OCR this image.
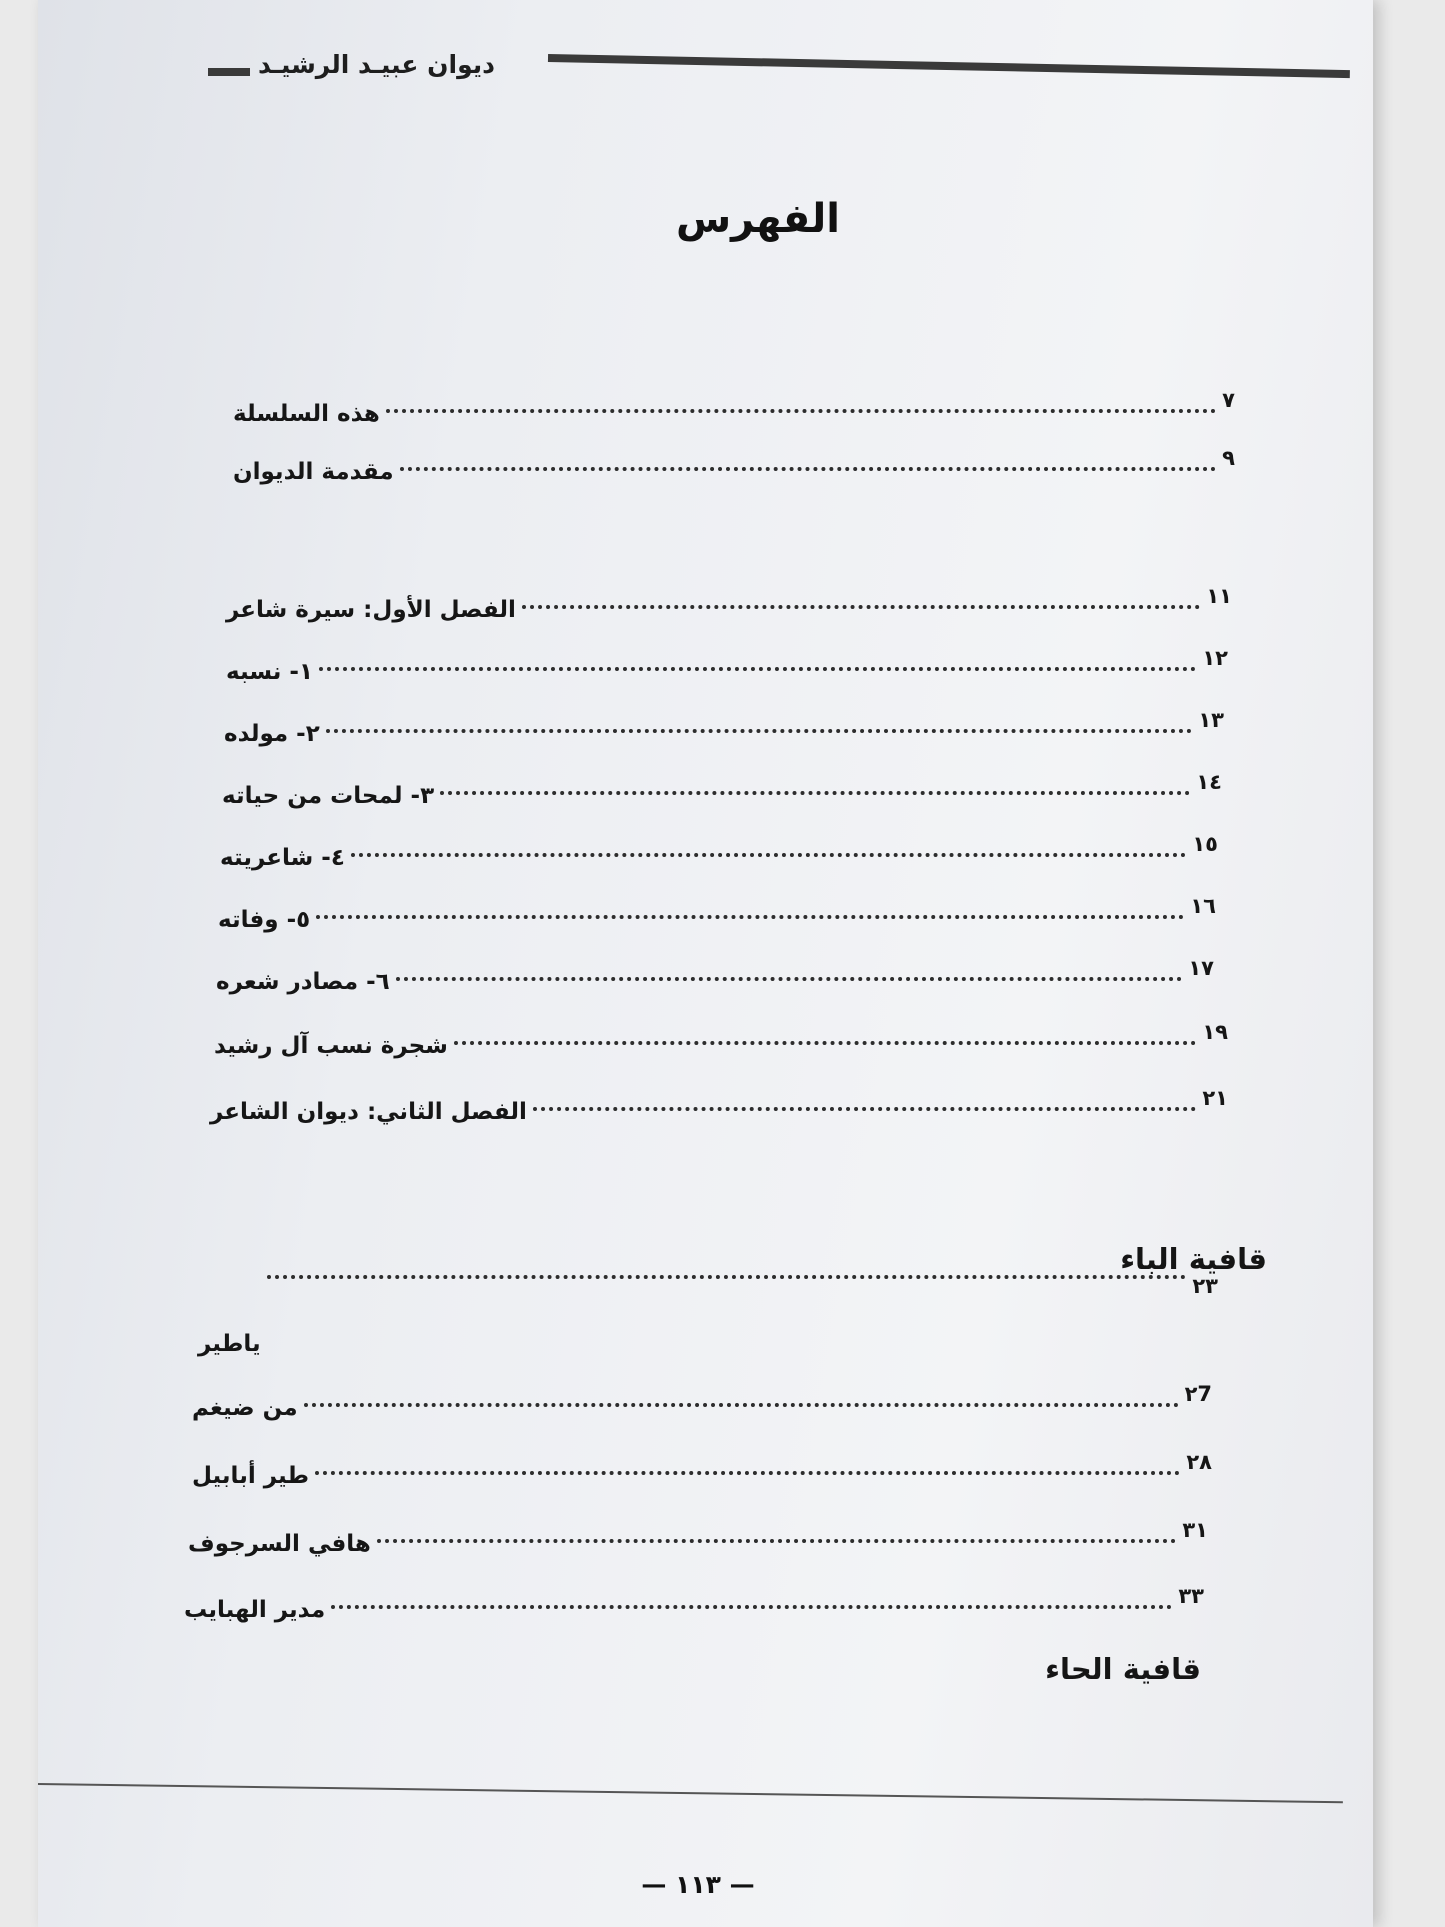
ديوان عبيـد الرشيـد
الفهرس
هذه السلسلة
٧
مقدمة الديوان
٩
الفصل الأول: سيرة شاعر
١١
١- نسبه
١٢
٢- مولده
١٣
٣- لمحات من حياته
١٤
٤- شاعريته
١٥
٥- وفاته
١٦
٦- مصادر شعره
١٧
شجرة نسب آل رشيد
١٩
الفصل الثاني: ديوان الشاعر
٢١
قافية الباء
ياطير
٢٣
من ضيغم
٢7
طير أبابيل
٢٨
هافي السرجوف
٣١
مدير الهبايب
٣٣
قافية الحاء
— ١١٣ —
